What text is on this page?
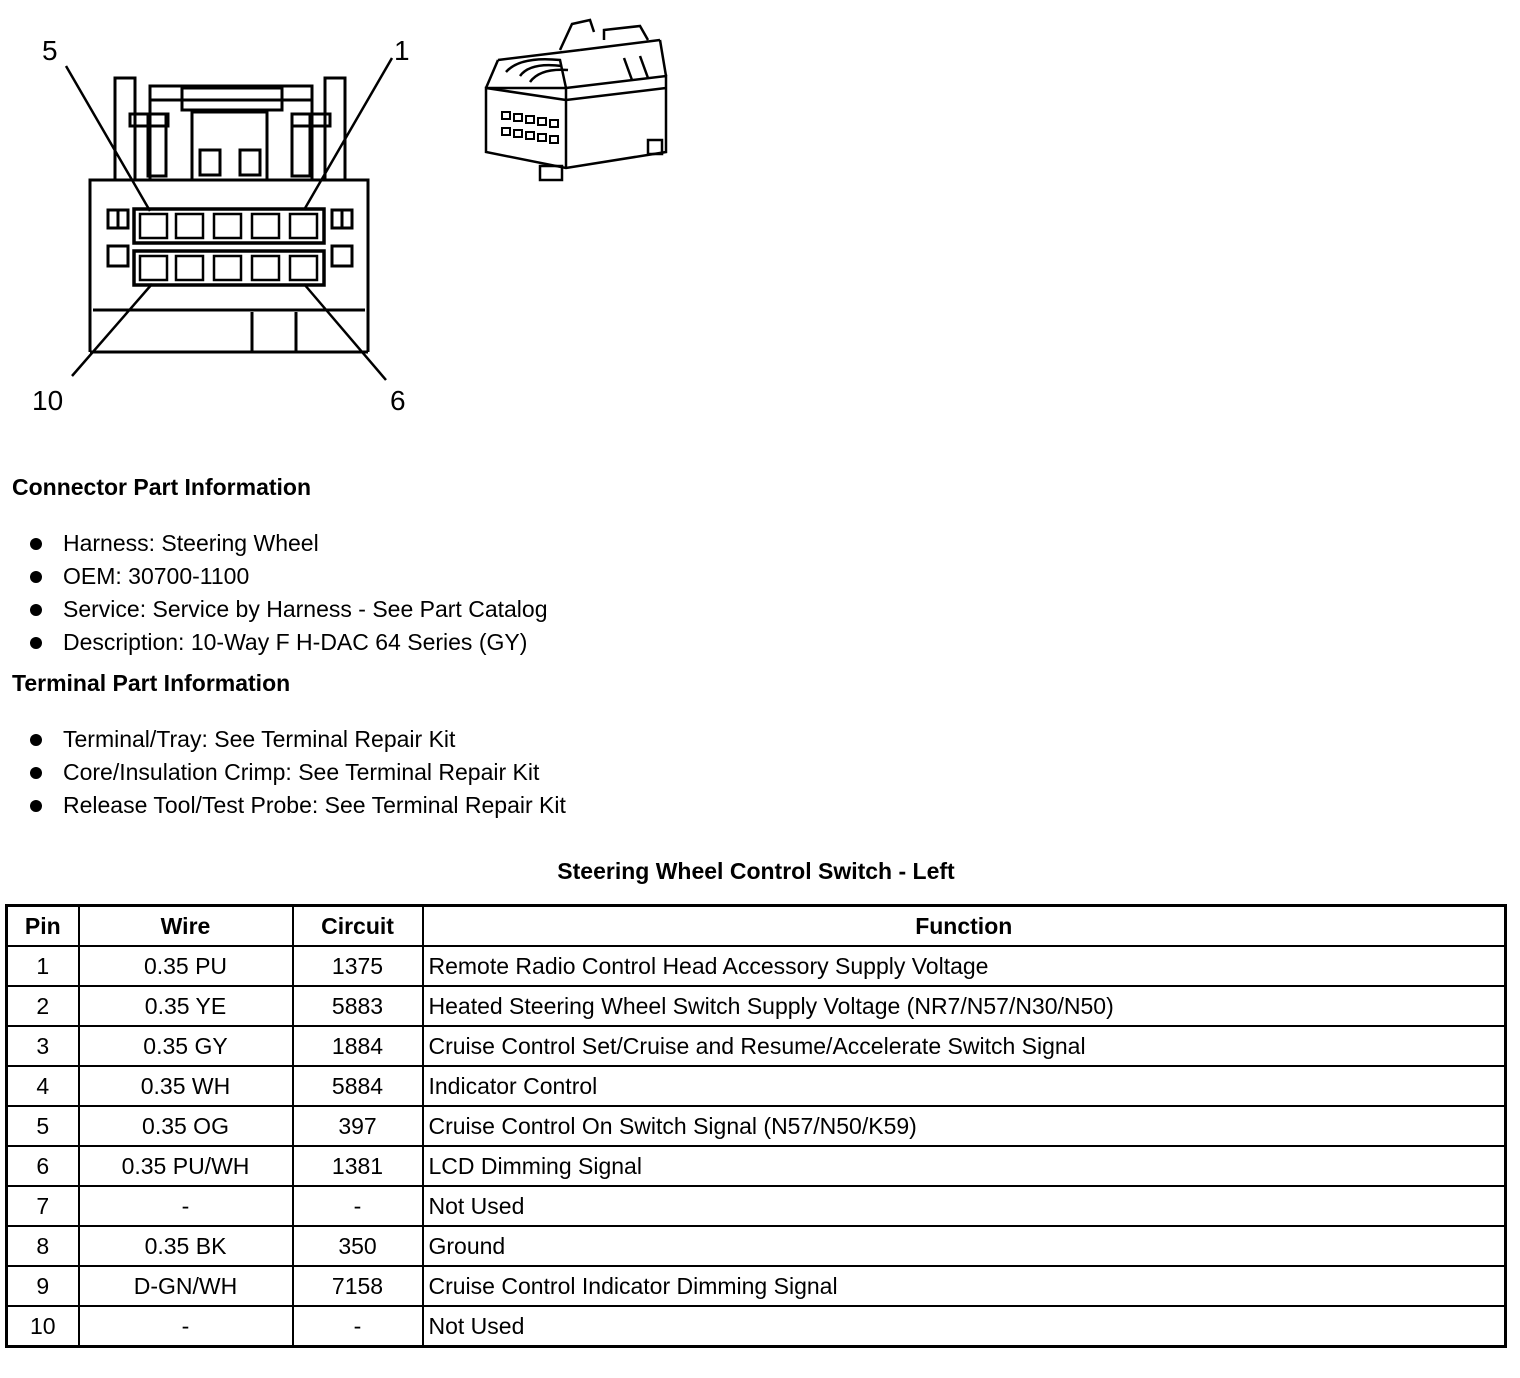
5	1
10	6
Connector Part Information
Harness: Steering Wheel
OEM: 30700-1100
Service: Service by Harness - See Part Catalog
Description: 10-Way F H-DAC 64 Series (GY)
Terminal Part Information
Terminal/Tray: See Terminal Repair Kit
Core/Insulation Crimp: See Terminal Repair Kit
Release Tool/Test Probe: See Terminal Repair Kit
Steering Wheel Control Switch - Left
Pin	Wire	Circuit	Function
1	0.35 PU	1375	Remote Radio Control Head Accessory Supply Voltage
2	0.35 YE	5883	Heated Steering Wheel Switch Supply Voltage (NR7/N57/N30/N50)
3	0.35 GY	1884	Cruise Control Set/Cruise and Resume/Accelerate Switch Signal
4	0.35 WH	5884	Indicator Control
5	0.35 OG	397	Cruise Control On Switch Signal (N57/N50/K59)
6	0.35 PU/WH	1381	LCD Dimming Signal
7	-	-	Not Used
8	0.35 BK	350	Ground
9	D-GN/WH	7158	Cruise Control Indicator Dimming Signal
10	-	-	Not Used
